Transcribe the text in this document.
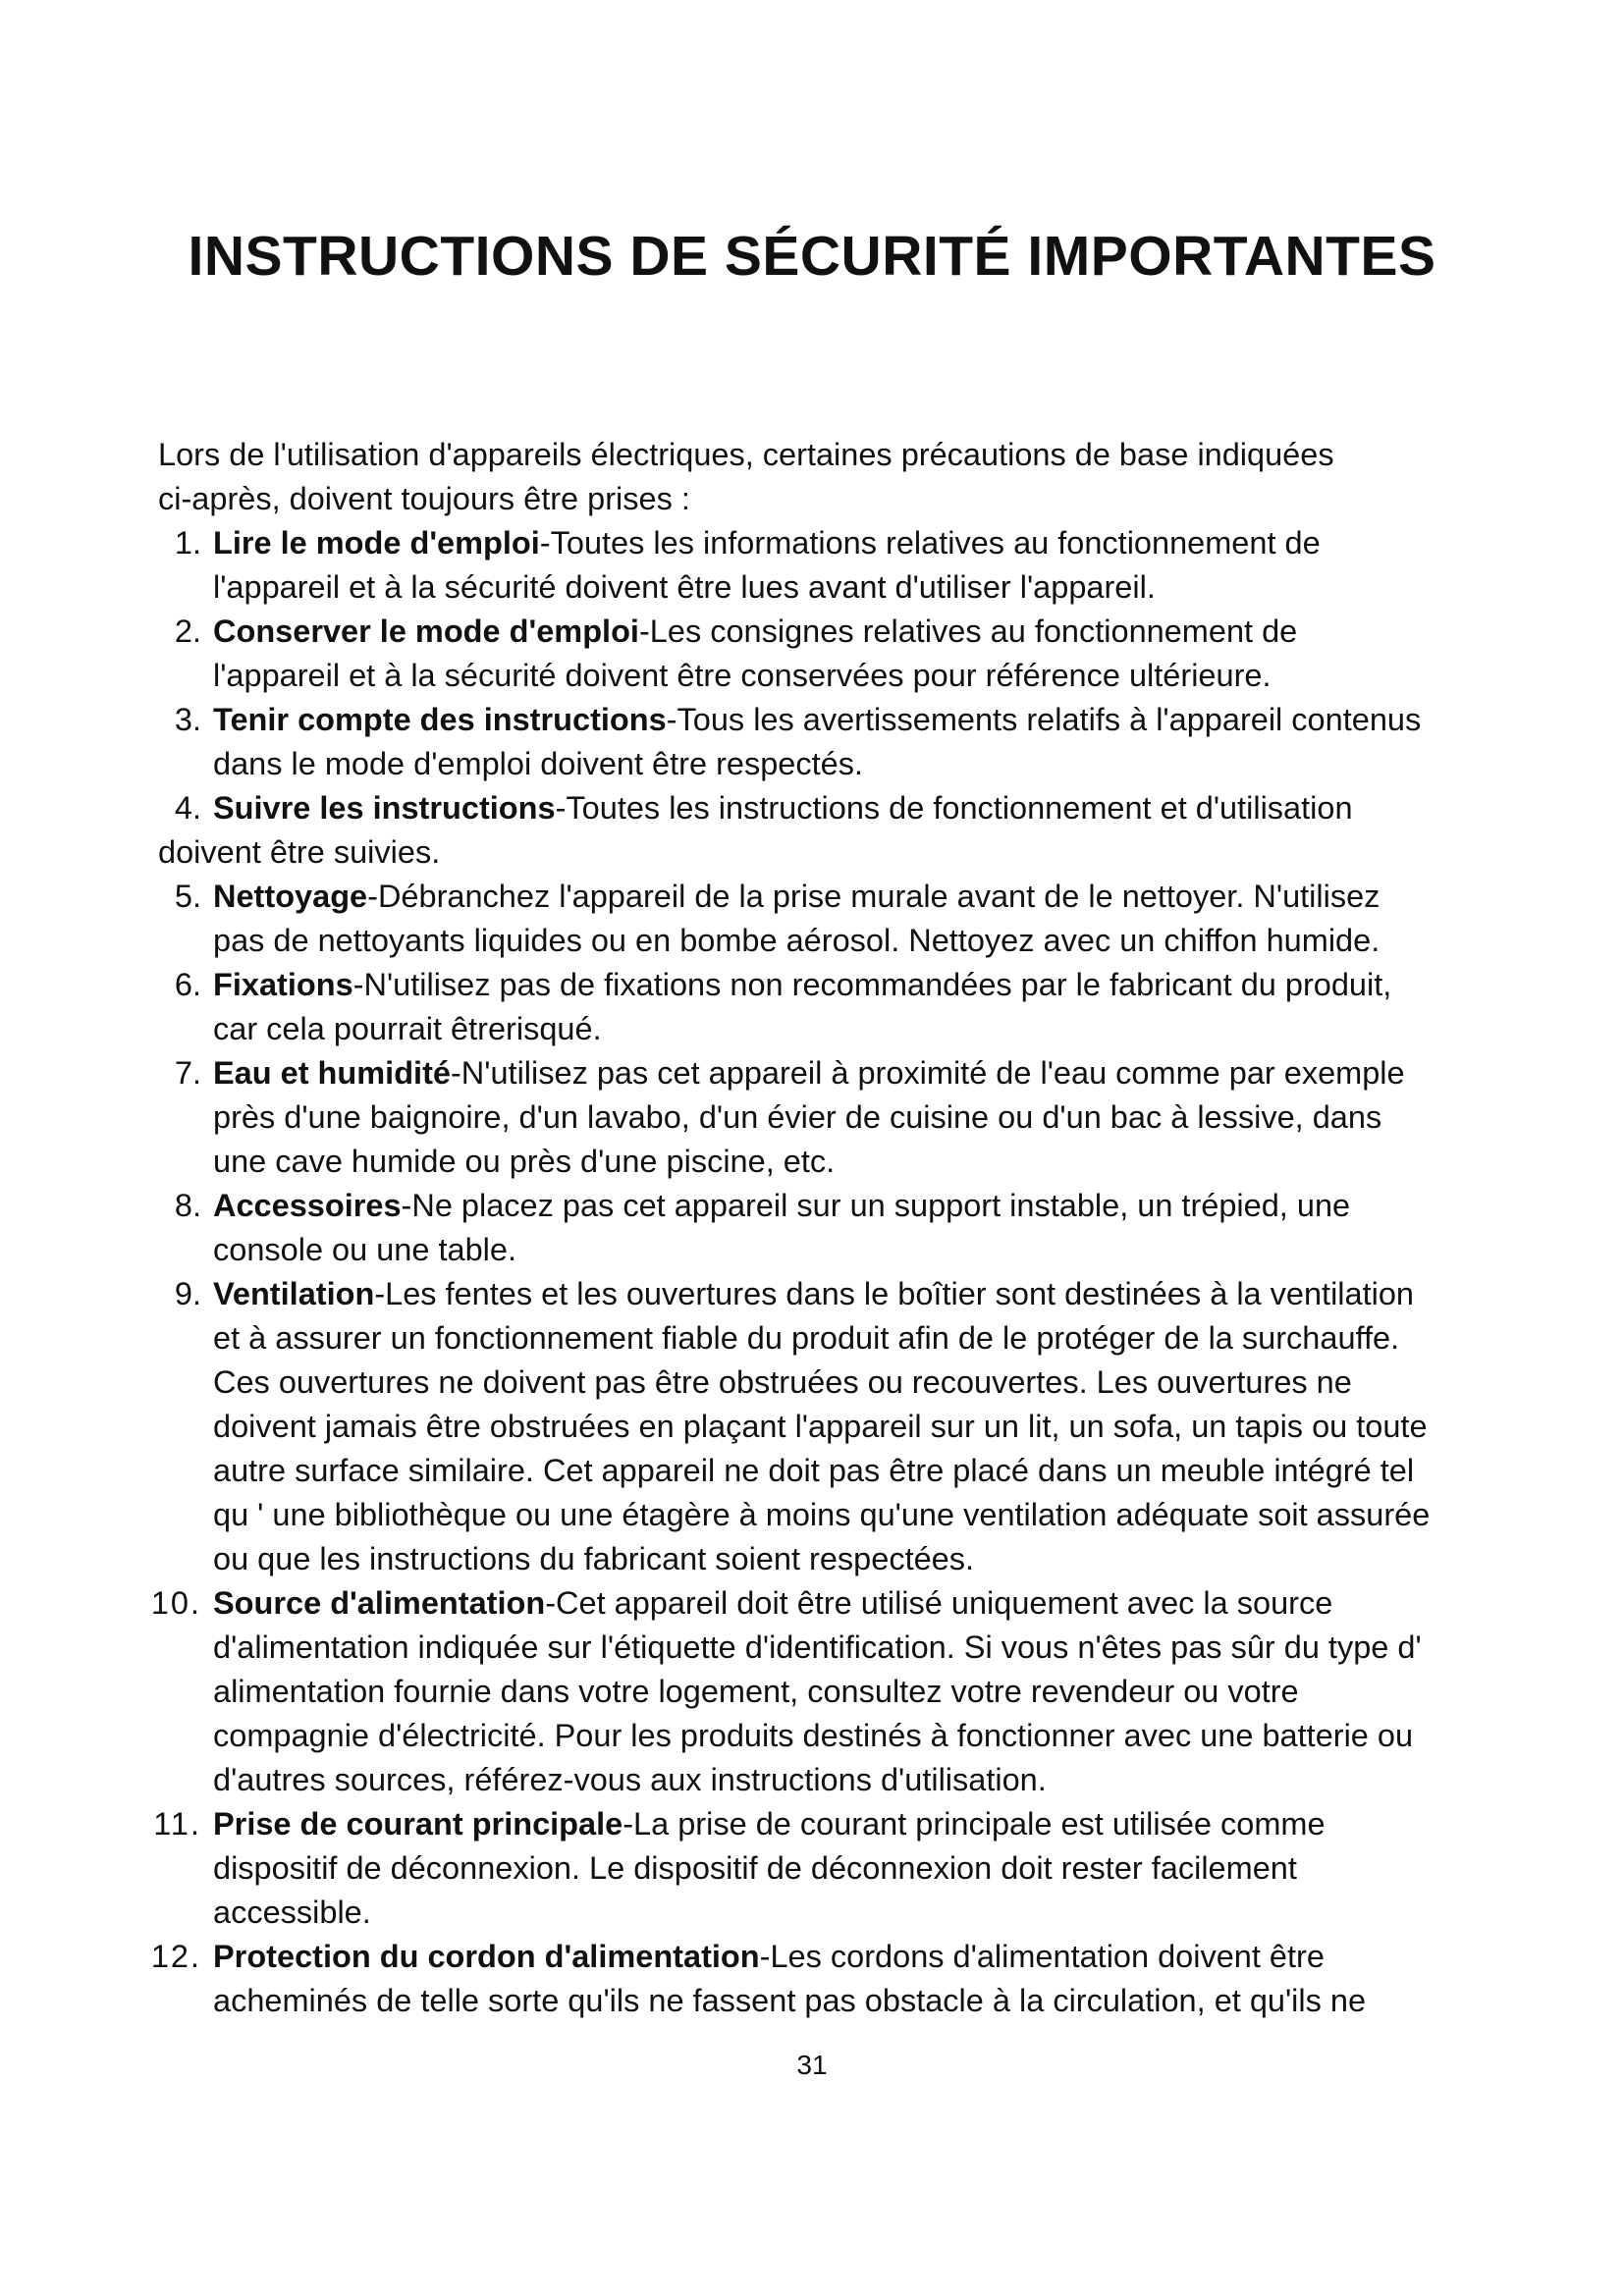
INSTRUCTIONS DE SÉCURITÉ IMPORTANTES

Lors de l'utilisation d'appareils électriques, certaines précautions de base indiquées
ci-après, doivent toujours être prises :

1. Lire le mode d'emploi-Toutes les informations relatives au fonctionnement de
l'appareil et à la sécurité doivent être lues avant d'utiliser l'appareil.
2. Conserver le mode d'emploi-Les consignes relatives au fonctionnement de
l'appareil et à la sécurité doivent être conservées pour référence ultérieure.
3. Tenir compte des instructions-Tous les avertissements relatifs à l'appareil contenus
dans le mode d'emploi doivent être respectés.
4. Suivre les instructions-Toutes les instructions de fonctionnement et d'utilisation
doivent être suivies.
5. Nettoyage-Débranchez l'appareil de la prise murale avant de le nettoyer. N'utilisez
pas de nettoyants liquides ou en bombe aérosol. Nettoyez avec un chiffon humide.
6. Fixations-N'utilisez pas de fixations non recommandées par le fabricant du produit,
car cela pourrait êtrerisqué.
7. Eau et humidité-N'utilisez pas cet appareil à proximité de l'eau comme par exemple
près d'une baignoire, d'un lavabo, d'un évier de cuisine ou d'un bac à lessive, dans
une cave humide ou près d'une piscine, etc.
8. Accessoires-Ne placez pas cet appareil sur un support instable, un trépied, une
console ou une table.
9. Ventilation-Les fentes et les ouvertures dans le boîtier sont destinées à la ventilation
et à assurer un fonctionnement fiable du produit afin de le protéger de la surchauffe.
Ces ouvertures ne doivent pas être obstruées ou recouvertes. Les ouvertures ne
doivent jamais être obstruées en plaçant l'appareil sur un lit, un sofa, un tapis ou toute
autre surface similaire. Cet appareil ne doit pas être placé dans un meuble intégré tel
qu ' une bibliothèque ou une étagère à moins qu'une ventilation adéquate soit assurée
ou que les instructions du fabricant soient respectées.
10. Source d'alimentation-Cet appareil doit être utilisé uniquement avec la source
d'alimentation indiquée sur l'étiquette d'identification. Si vous n'êtes pas sûr du type d'
alimentation fournie dans votre logement, consultez votre revendeur ou votre
compagnie d'électricité. Pour les produits destinés à fonctionner avec une batterie ou
d'autres sources, référez-vous aux instructions d'utilisation.
11. Prise de courant principale-La prise de courant principale est utilisée comme
dispositif de déconnexion. Le dispositif de déconnexion doit rester facilement
accessible.
12. Protection du cordon d'alimentation-Les cordons d'alimentation doivent être
acheminés de telle sorte qu'ils ne fassent pas obstacle à la circulation, et qu'ils ne
31
